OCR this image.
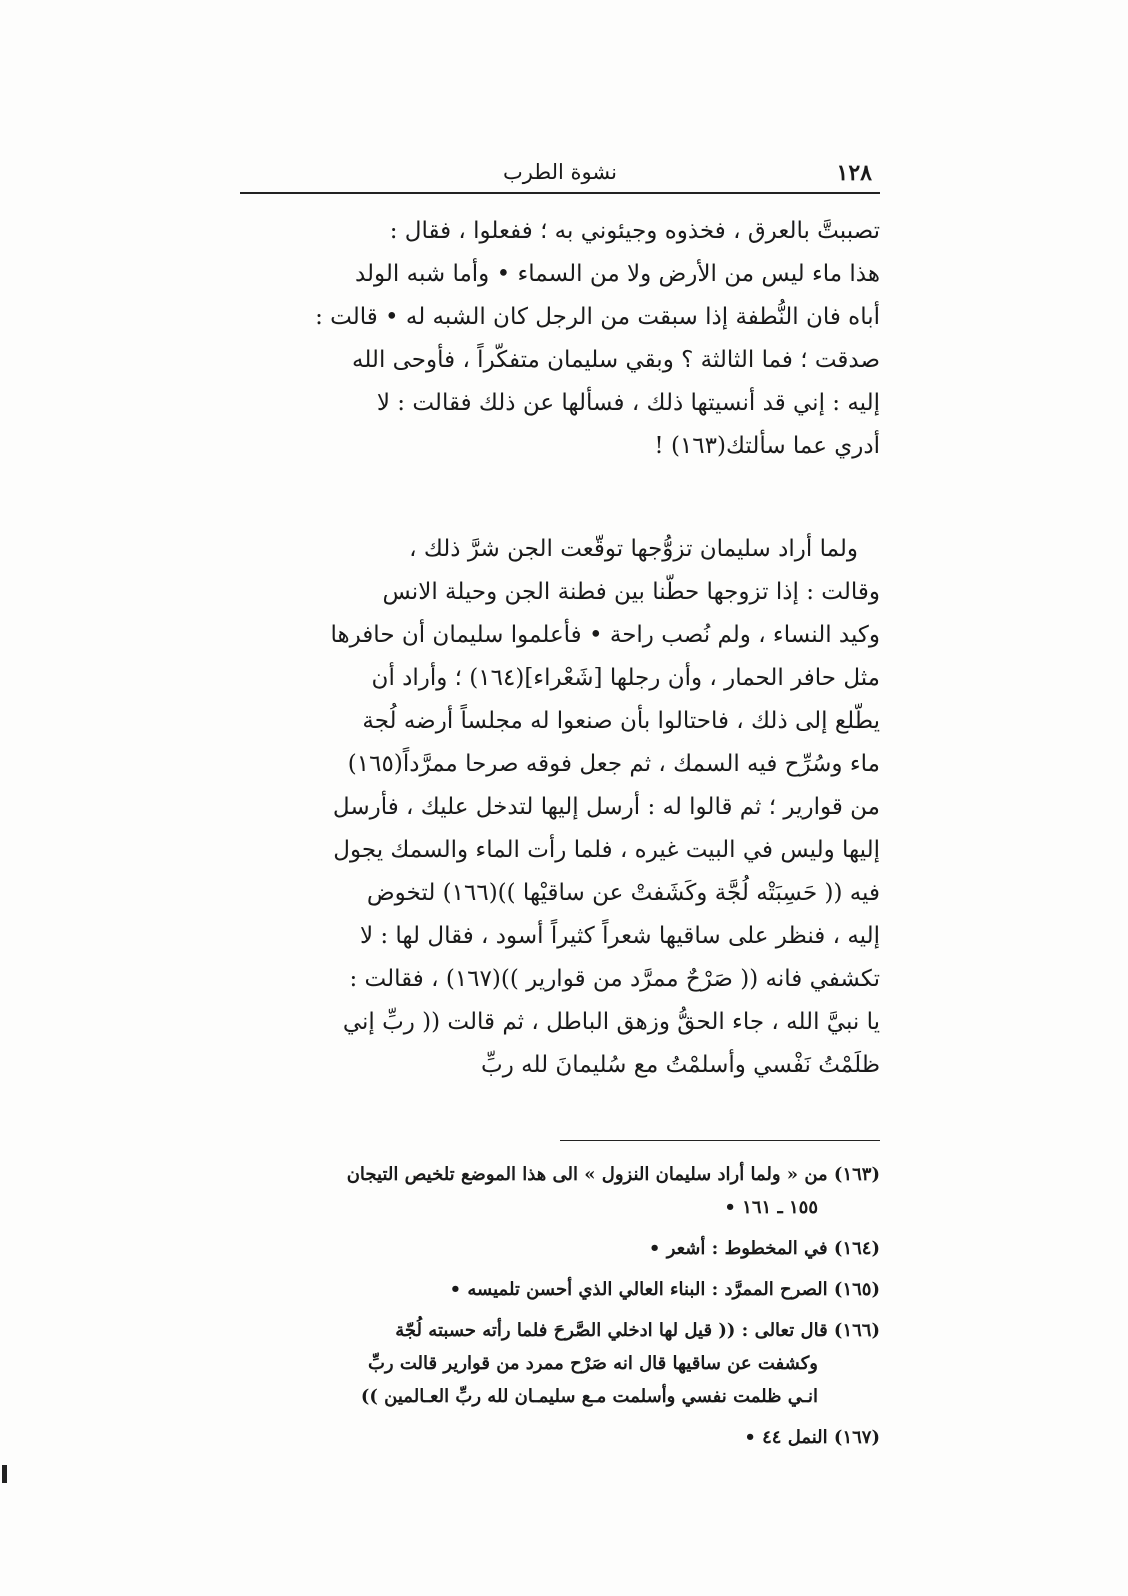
١٢٨
نشوة الطرب
تصببتَّ بالعرق ، فخذوه وجيئوني به ؛ ففعلوا ، فقال :
هذا ماء ليس من الأرض ولا من السماء • وأما شبه الولد
أباه فان النُّطفة إذا سبقت من الرجل كان الشبه له • قالت :
صدقت ؛ فما الثالثة ؟ وبقي سليمان متفكّراً ، فأوحى الله
إليه : إني قد أنسيتها ذلك ، فسألها عن ذلك فقالت : لا
أدري عما سألتك(١٦٣) !
ولما أراد سليمان تزوُّجها توقّعت الجن شرَّ ذلك ،
وقالت : إذا تزوجها حطّنا بين فطنة الجن وحيلة الانس
وكيد النساء ، ولم نُصب راحة • فأعلموا سليمان أن حافرها
مثل حافر الحمار ، وأن رجلها [شَعْراء](١٦٤) ؛ وأراد أن
يطّلع إلى ذلك ، فاحتالوا بأن صنعوا له مجلساً أرضه لُجة
ماء وسُرِّح فيه السمك ، ثم جعل فوقه صرحا ممرَّداً(١٦٥)
من قوارير ؛ ثم قالوا له : أرسل إليها لتدخل عليك ، فأرسل
إليها وليس في البيت غيره ، فلما رأت الماء والسمك يجول
فيه (( حَسِبَتْه لُجَّة وكَشَفتْ عن ساقيْها ))(١٦٦) لتخوض
إليه ، فنظر على ساقيها شعراً كثيراً أسود ، فقال لها : لا
تكشفي فانه (( صَرْحٌ ممرَّد من قوارير ))(١٦٧) ، فقالت :
يا نبيَّ الله ، جاء الحقُّ وزهق الباطل ، ثم قالت (( ربِّ إني
ظلَمْتُ نَفْسي وأسلمْتُ مع سُليمانَ لله ربِّ
(١٦٣) من « ولما أراد سليمان النزول » الى هذا الموضع تلخيص التيجان
١٥٥ ـ ١٦١ •
(١٦٤) في المخطوط : أشعر •
(١٦٥) الصرح الممرَّد : البناء العالي الذي أحسن تلميسه •
(١٦٦) قال تعالى : (( قيل لها ادخلي الصَّرحَ فلما رأته حسبته لُجّة
وكشفت عن ساقيها قال انه صَرْح ممرد من قوارير قالت ربِّ
انـي ظلمت نفسي وأسلمت مـع سليمـان لله ربِّ العـالمين ))
(١٦٧) النمل ٤٤ •
